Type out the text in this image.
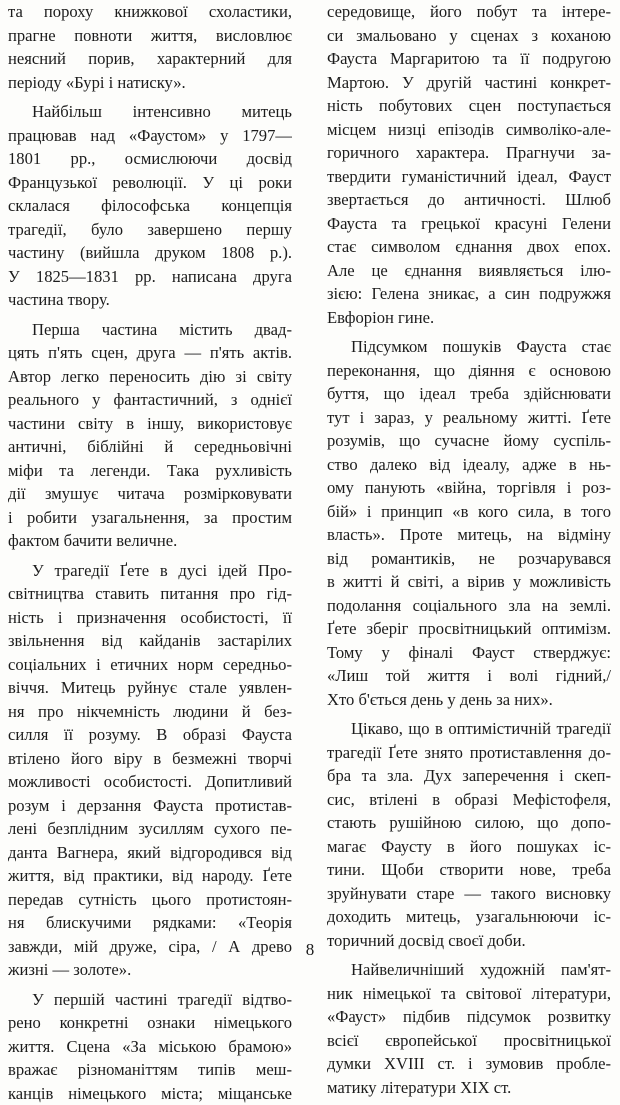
та пороху книжкової схоластики,
прагне повноти життя, висловлює
неясний порив, характерний для
періоду «Бурі і натиску».
Найбільш інтенсивно митець
працював над «Фаустом» у 1797—
1801 рр., осмислюючи досвід
Французької революції. У ці роки
склалася філософська концепція
трагедії, було завершено першу
частину (вийшла друком 1808 р.).
У 1825—1831 рр. написана друга
частина твору.
Перша частина містить двад-
цять п'ять сцен, друга — п'ять актів.
Автор легко переносить дію зі світу
реального у фантастичний, з однієї
частини світу в іншу, використовує
античні, біблійні й середньовічні
міфи та легенди. Така рухливість
дії змушує читача розмірковувати
і робити узагальнення, за простим
фактом бачити величне.
У трагедії Ґете в дусі ідей Про-
світництва ставить питання про гід-
ність і призначення особистості, її
звільнення від кайданів застарілих
соціальних і етичних норм середньо-
віччя. Митець руйнує стале уявлен-
ня про нікчемність людини й без-
силля її розуму. В образі Фауста
втілено його віру в безмежні творчі
можливості особистості. Допитливий
розум і дерзання Фауста протистав-
лені безплідним зусиллям сухого пе-
данта Вагнера, який відгородився від
життя, від практики, від народу. Ґете
передав сутність цього протистоян-
ня блискучими рядками: «Теорія
завжди, мій друже, сіра, / А древо
жизні — золоте».
У першій частині трагедії відтво-
рено конкретні ознаки німецького
життя. Сцена «За міською брамою»
вражає різноманіттям типів меш-
канців німецького міста; міщанське
середовище, його побут та інтере-
си змальовано у сценах з коханою
Фауста Маргаритою та її подругою
Мартою. У другій частині конкрет-
ність побутових сцен поступається
місцем низці епізодів символіко-але-
горичного характера. Прагнучи за-
твердити гуманістичний ідеал, Фауст
звертається до античності. Шлюб
Фауста та грецької красуні Гелени
стає символом єднання двох епох.
Але це єднання виявляється ілю-
зією: Гелена зникає, а син подружжя
Евфоріон гине.
Підсумком пошуків Фауста стає
переконання, що діяння є основою
буття, що ідеал треба здійснювати
тут і зараз, у реальному житті. Ґете
розумів, що сучасне йому суспіль-
ство далеко від ідеалу, адже в нь-
ому панують «війна, торгівля і роз-
бій» і принцип «в кого сила, в того
власть». Проте митець, на відміну
від романтиків, не розчарувався
в житті й світі, а вірив у можливість
подолання соціального зла на землі.
Ґете зберіг просвітницький оптимізм.
Тому у фіналі Фауст стверджує:
«Лиш той життя і волі гідний,/
Хто б'ється день у день за них».
Цікаво, що в оптимістичній трагедії
трагедії Ґете знято протиставлення до-
бра та зла. Дух заперечення і скеп-
сис, втілені в образі Мефістофеля,
стають рушійною силою, що допо-
магає Фаусту в його пошуках іс-
тини. Щоби створити нове, треба
зруйнувати старе — такого висновку
доходить митець, узагальнюючи іс-
торичний досвід своєї доби.
Найвеличніший художній пам'ят-
ник німецької та світової літератури,
«Фауст» підбив підсумок розвитку
всієї європейської просвітницької
думки XVIII ст. і зумовив пробле-
матику літератури XIX ст.
8
